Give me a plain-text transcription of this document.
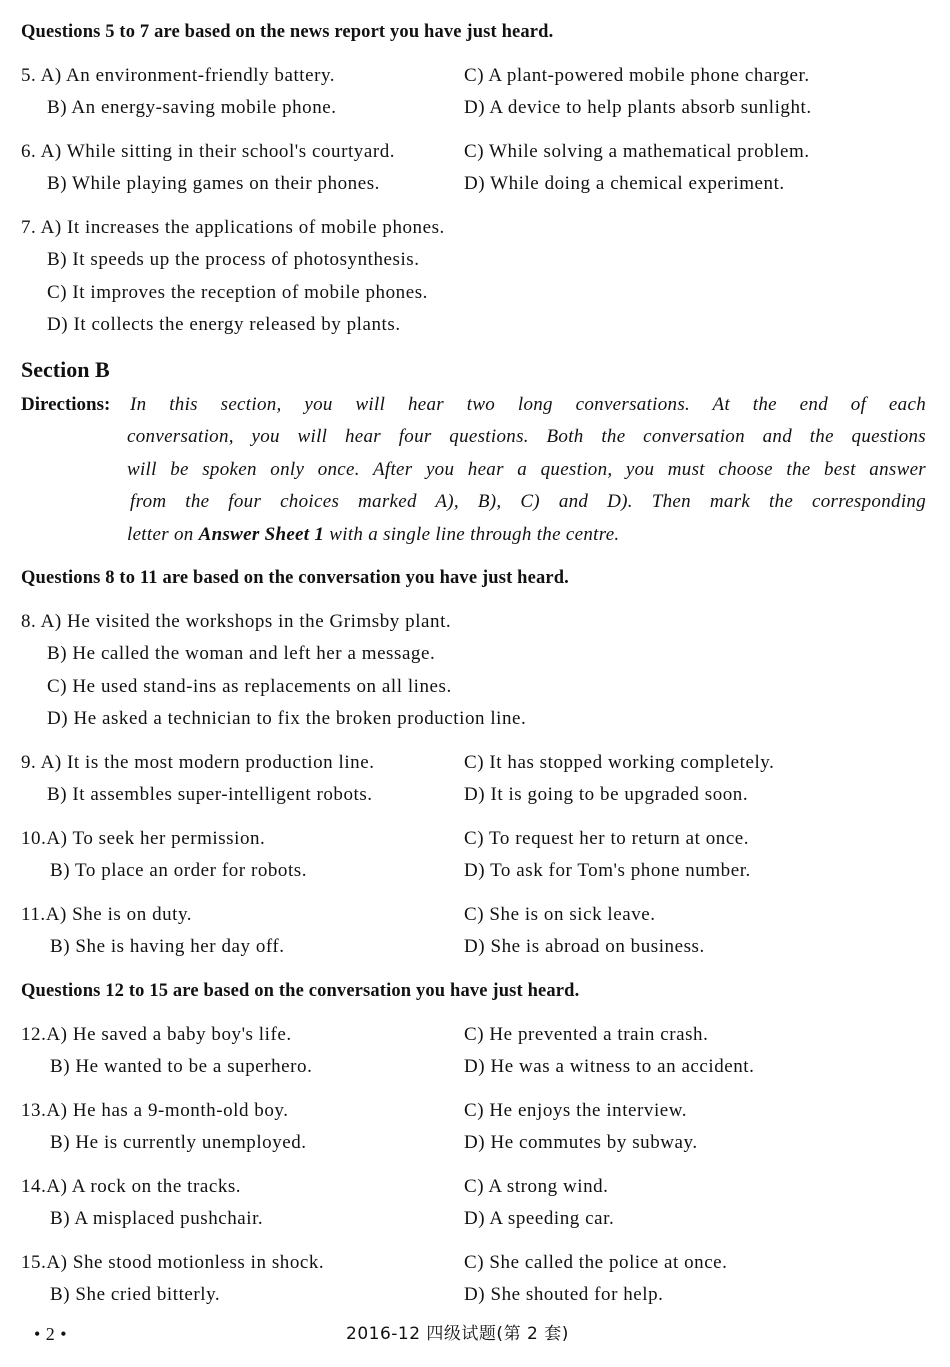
Questions 5 to 7 are based on the news report you have just heard.
5. A) An environment-friendly battery.	C) A plant-powered mobile phone charger.
B) An energy-saving mobile phone.	D) A device to help plants absorb sunlight.
6. A) While sitting in their school's courtyard.	C) While solving a mathematical problem.
B) While playing games on their phones.	D) While doing a chemical experiment.
7. A) It increases the applications of mobile phones.
B) It speeds up the process of photosynthesis.
C) It improves the reception of mobile phones.
D) It collects the energy released by plants.
Section B
Directions: In this section, you will hear two long conversations. At the end of each
conversation, you will hear four questions. Both the conversation and the questions
will be spoken only once. After you hear a question, you must choose the best answer
from the four choices marked A), B), C) and D). Then mark the corresponding
letter on Answer Sheet 1 with a single line through the centre.
Questions 8 to 11 are based on the conversation you have just heard.
8. A) He visited the workshops in the Grimsby plant.
B) He called the woman and left her a message.
C) He used stand-ins as replacements on all lines.
D) He asked a technician to fix the broken production line.
9. A) It is the most modern production line.	C) It has stopped working completely.
B) It assembles super-intelligent robots.	D) It is going to be upgraded soon.
10.A) To seek her permission.	C) To request her to return at once.
B) To place an order for robots.	D) To ask for Tom's phone number.
11.A) She is on duty.	C) She is on sick leave.
B) She is having her day off.	D) She is abroad on business.
Questions 12 to 15 are based on the conversation you have just heard.
12.A) He saved a baby boy's life.	C) He prevented a train crash.
B) He wanted to be a superhero.	D) He was a witness to an accident.
13.A) He has a 9-month-old boy.	C) He enjoys the interview.
B) He is currently unemployed.	D) He commutes by subway.
14.A) A rock on the tracks.	C) A strong wind.
B) A misplaced pushchair.	D) A speeding car.
15.A) She stood motionless in shock.	C) She called the police at once.
B) She cried bitterly.	D) She shouted for help.
• 2 •	2016-12 四级试题(第 2 套)
